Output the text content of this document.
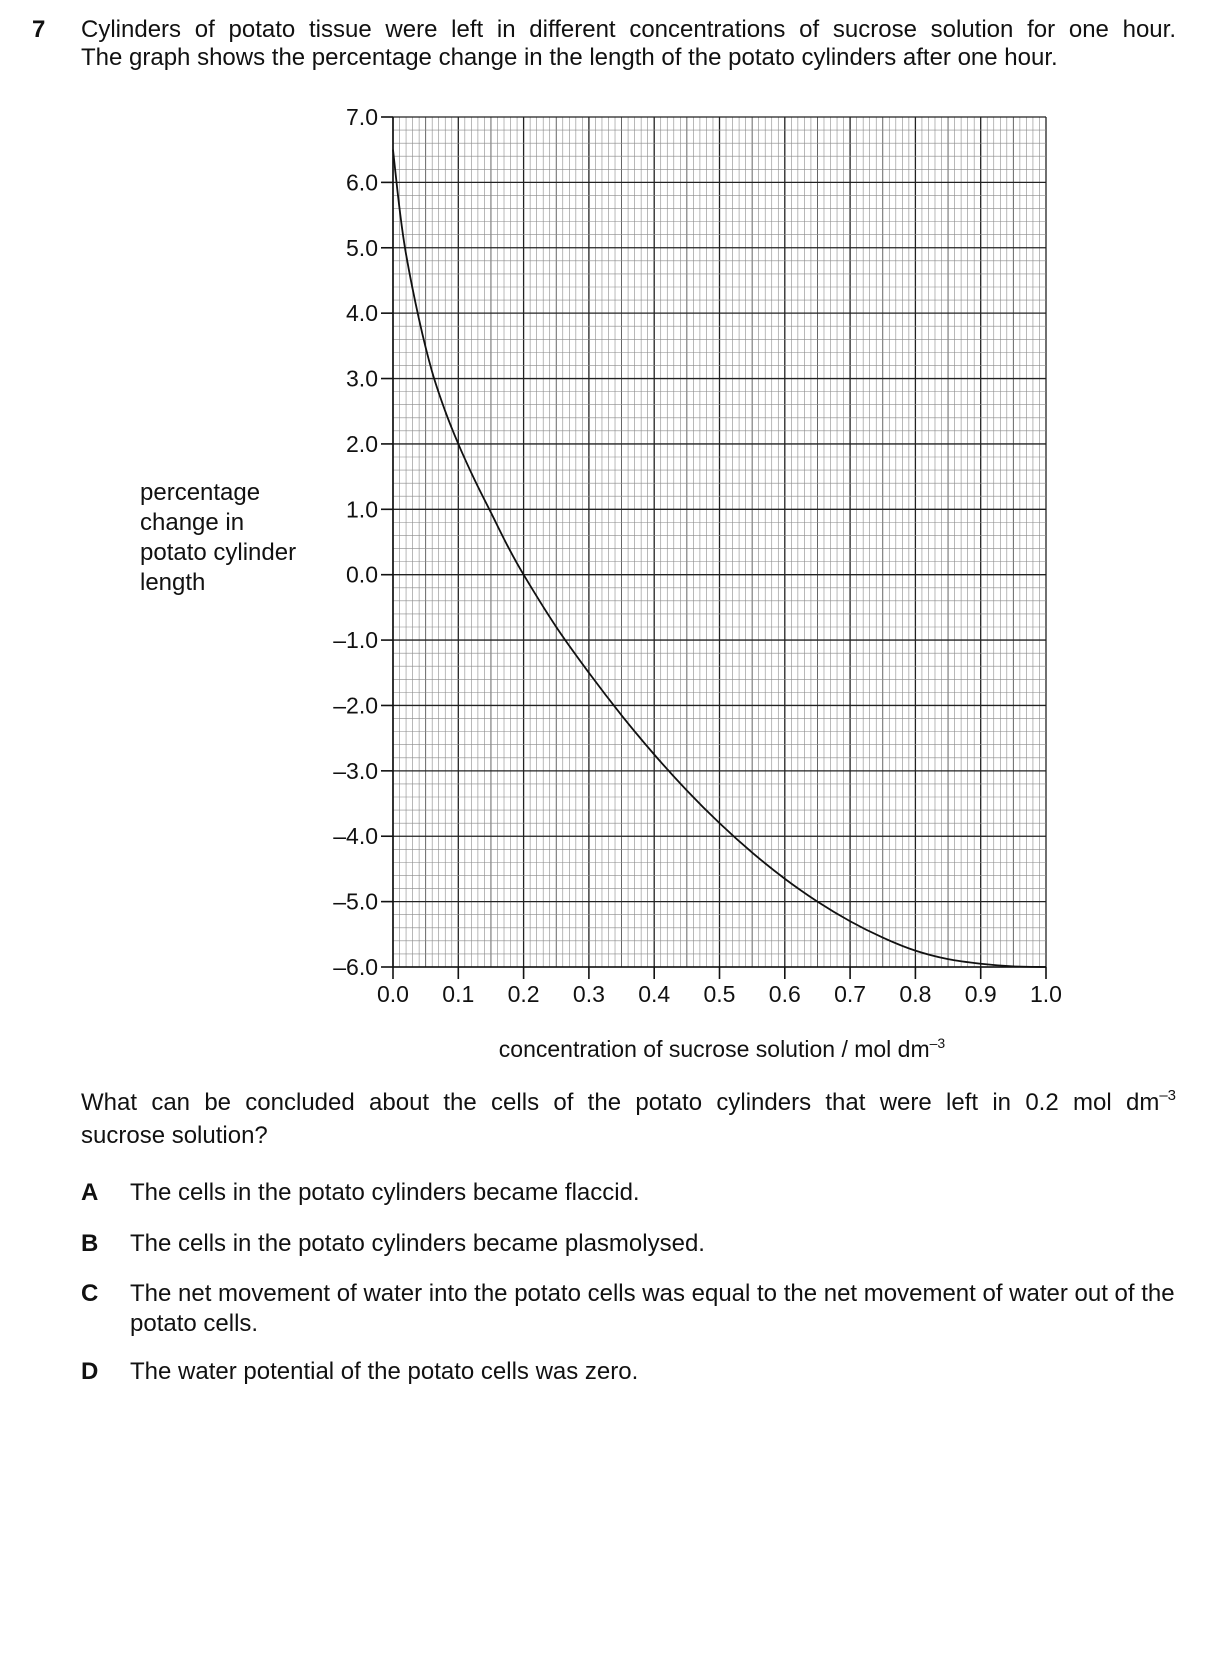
7 Cylinders of potato tissue were left in different concentrations of sucrose solution for one hour.

The graph shows the percentage change in the length of the potato cylinders after one hour.

7.0
6.0
5.0
4.0
3.0
2.0
1.0
0.0
–1.0
–2.0
–3.0
–4.0
–5.0
–6.0
0.0 0.1 0.2 0.3 0.4 0.5 0.6 0.7 0.8 0.9 1.0
concentration of sucrose solution / mol $dm^{-3}$
percentage
change in
potato cylinder
length

What can be concluded about the cells of the potato cylinders that were left in 0.2 mol $dm^{-3}$

sucrose solution?

A The cells in the potato cylinders became flaccid.
B The cells in the potato cylinders became plasmolysed.
C The net movement of water into the potato cells was equal to the net movement of water out of the potato cells.
D The water potential of the potato cells was zero.
